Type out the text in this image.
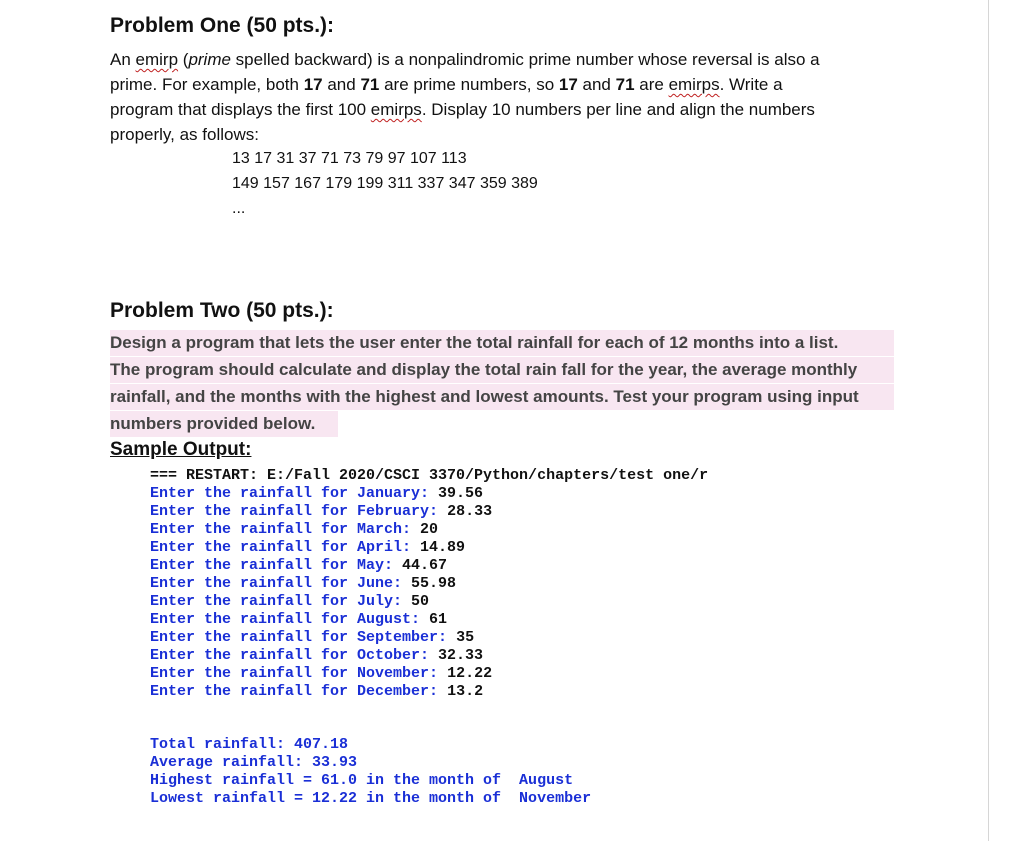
Problem One (50 pts.):
An emirp (prime spelled backward) is a nonpalindromic prime number whose reversal is also a
prime. For example, both 17 and 71 are prime numbers, so 17 and 71 are emirps. Write a
program that displays the first 100 emirps. Display 10 numbers per line and align the numbers
properly, as follows:
13 17 31 37 71 73 79 97 107 113
149 157 167 179 199 311 337 347 359 389
...
Problem Two (50 pts.):
Design a program that lets the user enter the total rainfall for each of 12 months into a list.
The program should calculate and display the total rain fall for the year, the average monthly
rainfall, and the months with the highest and lowest amounts. Test your program using input
numbers provided below.
Sample Output:
=== RESTART: E:/Fall 2020/CSCI 3370/Python/chapters/test one/r
Enter the rainfall for January: 39.56
Enter the rainfall for February: 28.33
Enter the rainfall for March: 20
Enter the rainfall for April: 14.89
Enter the rainfall for May: 44.67
Enter the rainfall for June: 55.98
Enter the rainfall for July: 50
Enter the rainfall for August: 61
Enter the rainfall for September: 35
Enter the rainfall for October: 32.33
Enter the rainfall for November: 12.22
Enter the rainfall for December: 13.2
Total rainfall: 407.18
Average rainfall: 33.93
Highest rainfall = 61.0 in the month of  August
Lowest rainfall = 12.22 in the month of  November
